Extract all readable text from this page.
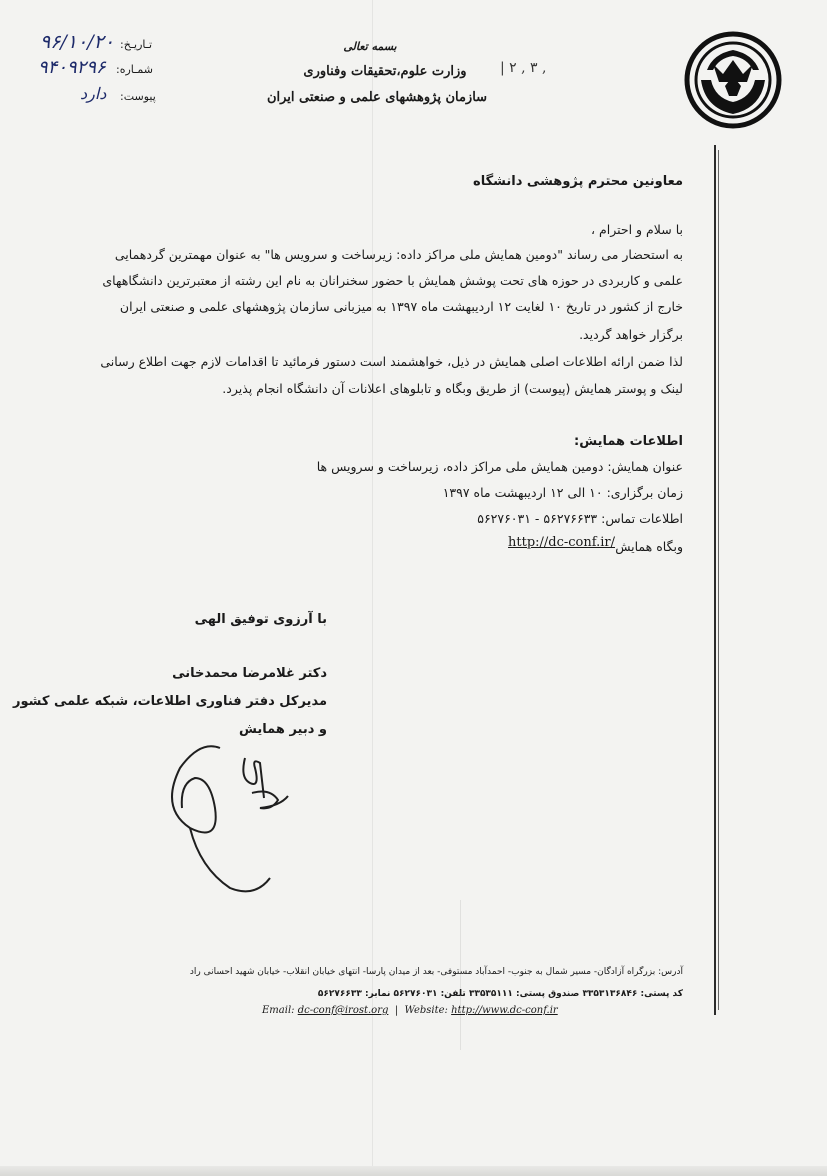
بسمه تعالی
وزارت علوم،تحقیقات وفناوری
سازمان پژوهشهای علمی و صنعتی ایران
| ۲ , ٣ ,
تـاریـخ:
۹۶/۱۰/۲۰
شمـاره:
۹۴۰۹۲۹۶
پیوست:
دارد
معاونین محترم پژوهشی دانشگاه
با سلام و احترام ،
به استحضار می رساند "دومین همایش ملی مراکز داده: زیرساخت و سرویس ها" به عنوان مهمترین گردهمایی
علمی و کاربردی در حوزه های تحت پوشش همایش با حضور سخنرانان به نام این رشته از معتبرترین دانشگاههای
خارج از کشور در تاریخ ۱۰ لغایت ۱۲ اردیبهشت ماه ۱۳۹۷ به میزبانی سازمان پژوهشهای علمی و صنعتی ایران
برگزار خواهد گردید.
لذا ضمن ارائه اطلاعات اصلی همایش در ذیل، خواهشمند است دستور فرمائید تا اقدامات لازم جهت اطلاع رسانی
لینک و پوستر همایش (پیوست) از طریق وبگاه و تابلوهای اعلانات آن دانشگاه انجام پذیرد.
اطلاعات همایش:
عنوان همایش: دومین همایش ملی مراکز داده، زیرساخت و سرویس ها
زمان برگزاری: ۱۰ الی ۱۲ اردیبهشت ماه ۱۳۹۷
اطلاعات تماس: ۵۶۲۷۶۶۳۳ - ۵۶۲۷۶۰۳۱
وبگاه همایش
http://dc-conf.ir/
با آرزوی توفیق الهی
دکتر غلامرضا محمدخانی
مدیرکل دفتر فناوری اطلاعات، شبکه علمی کشور
و دبیر همایش
آدرس: بزرگراه آزادگان- مسیر شمال به جنوب- احمدآباد مستوفی- بعد از میدان پارسا- انتهای خیابان انقلاب- خیابان شهید احسانی راد
کد پستی: ۳۳۵۳۱۳۶۸۴۶ صندوق پستی: ۳۳۵۳۵۱۱۱ تلفن: ۵۶۲۷۶۰۳۱ نمابر: ۵۶۲۷۶۶۳۳
Email: dc-conf@irost.org  |  Website: http://www.dc-conf.ir
